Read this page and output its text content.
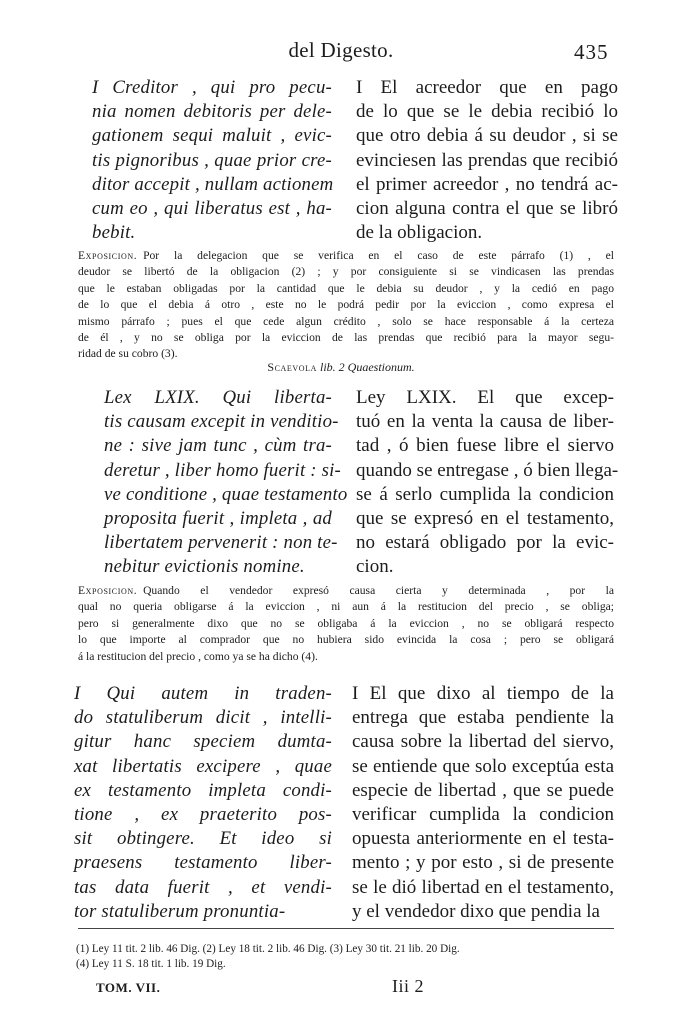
del Digesto.	435
I Creditor , qui pro pecu-
nia nomen debitoris per dele-
gationem sequi maluit , evic-
tis pignoribus , quae prior cre-
ditor accepit , nullam actionem
cum eo , qui liberatus est , ha-
bebit.
I El acreedor que en pago
de lo que se le debia recibió lo
que otro debia á su deudor , si se
evinciesen las prendas que recibió
el primer acreedor , no tendrá ac-
cion alguna contra el que se libró
de la obligacion.
Exposicion.  Por la delegacion que se verifica en el caso de este párrafo (1) , el
deudor se libertó de la obligacion (2) ; y por consiguiente si se vindicasen las prendas
que le estaban obligadas por la cantidad que le debia su deudor , y la cedió en pago
de lo que el debia á otro , este no le podrá pedir por la eviccion , como expresa el
mismo párrafo ; pues el que cede algun crédito , solo se hace responsable á la certeza
de él , y no se obliga por la eviccion de las prendas que recibió para la mayor segu-
ridad de su cobro (3).
Scaevola lib. 2 Quaestionum.
Lex LXIX. Qui liberta-
tis causam excepit in venditio-
ne : sive jam tunc , cùm tra-
deretur , liber homo fuerit : si-
ve conditione , quae testamento
proposita fuerit , impleta , ad
libertatem pervenerit : non te-
nebitur evictionis nomine.
Ley LXIX. El que excep-
tuó en la venta la causa de liber-
tad , ó bien fuese libre el siervo
quando se entregase , ó bien llega-
se á serlo cumplida la condicion
que se expresó en el testamento,
no estará obligado por la evic-
cion.
Exposicion.  Quando el vendedor expresó causa cierta y determinada , por la
qual no queria obligarse á la eviccion , ni aun á la restitucion del precio , se obliga;
pero si generalmente dixo que no se obligaba á la eviccion , no se obligará respecto
lo que importe al comprador que no hubiera sido evincida la cosa ; pero se obligará
á la restitucion del precio , como ya se ha dicho (4).
I Qui autem in traden-
do statuliberum dicit , intelli-
gitur hanc speciem dumta-
xat libertatis excipere , quae
ex testamento impleta condi-
tione , ex praeterito pos-
sit obtingere. Et ideo si
praesens testamento liber-
tas data fuerit , et vendi-
tor statuliberum pronuntia-
I El que dixo al tiempo de la
entrega que estaba pendiente la
causa sobre la libertad del siervo,
se entiende que solo exceptúa esta
especie de libertad , que se puede
verificar cumplida la condicion
opuesta anteriormente en el testa-
mento ; y por esto , si de presente
se le dió libertad en el testamento,
y el vendedor dixo que pendia la
(1) Ley 11 tit. 2 lib. 46 Dig. (2) Ley 18 tit. 2 lib. 46 Dig. (3) Ley 30 tit. 21 lib. 20 Dig.
(4) Ley 11 S. 18 tit. 1 lib. 19 Dig.
TOM. VII.	Iii 2
